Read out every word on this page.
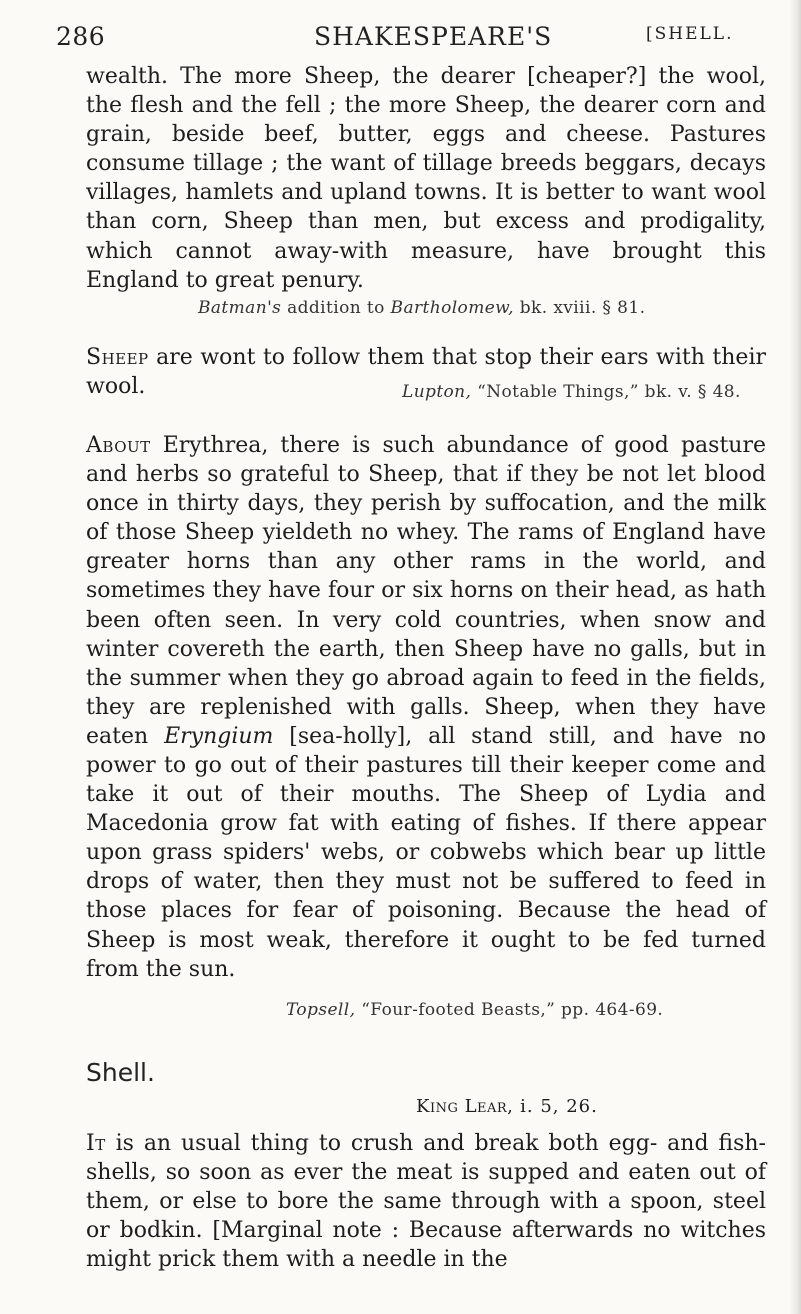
286	SHAKESPEARE'S	[SHELL.

wealth. The more Sheep, the dearer [cheaper?] the wool, the flesh and the fell ; the more Sheep, the dearer corn and grain, beside beef, butter, eggs and cheese. Pastures consume tillage ; the want of tillage breeds beggars, decays villages, hamlets and upland towns. It is better to want wool than corn, Sheep than men, but excess and prodigality, which cannot away-with measure, have brought this England to great penury.

Batman's addition to Bartholomew, bk. xviii. § 81.

Sheep are wont to follow them that stop their ears with their wool.	Lupton, “Notable Things,” bk. v. § 48.

About Erythrea, there is such abundance of good pasture and herbs so grateful to Sheep, that if they be not let blood once in thirty days, they perish by suffocation, and the milk of those Sheep yieldeth no whey. The rams of England have greater horns than any other rams in the world, and sometimes they have four or six horns on their head, as hath been often seen. In very cold countries, when snow and winter covereth the earth, then Sheep have no galls, but in the summer when they go abroad again to feed in the fields, they are replenished with galls. Sheep, when they have eaten Eryngium [sea-holly], all stand still, and have no power to go out of their pastures till their keeper come and take it out of their mouths. The Sheep of Lydia and Macedonia grow fat with eating of fishes. If there appear upon grass spiders' webs, or cobwebs which bear up little drops of water, then they must not be suffered to feed in those places for fear of poisoning. Because the head of Sheep is most weak, therefore it ought to be fed turned from the sun.

Topsell, “Four-footed Beasts,” pp. 464-69.
Shell.
King Lear, i. 5, 26.

It is an usual thing to crush and break both egg- and fish-shells, so soon as ever the meat is supped and eaten out of them, or else to bore the same through with a spoon, steel or bodkin. [Marginal note : Because afterwards no witches might prick them with a needle in the
